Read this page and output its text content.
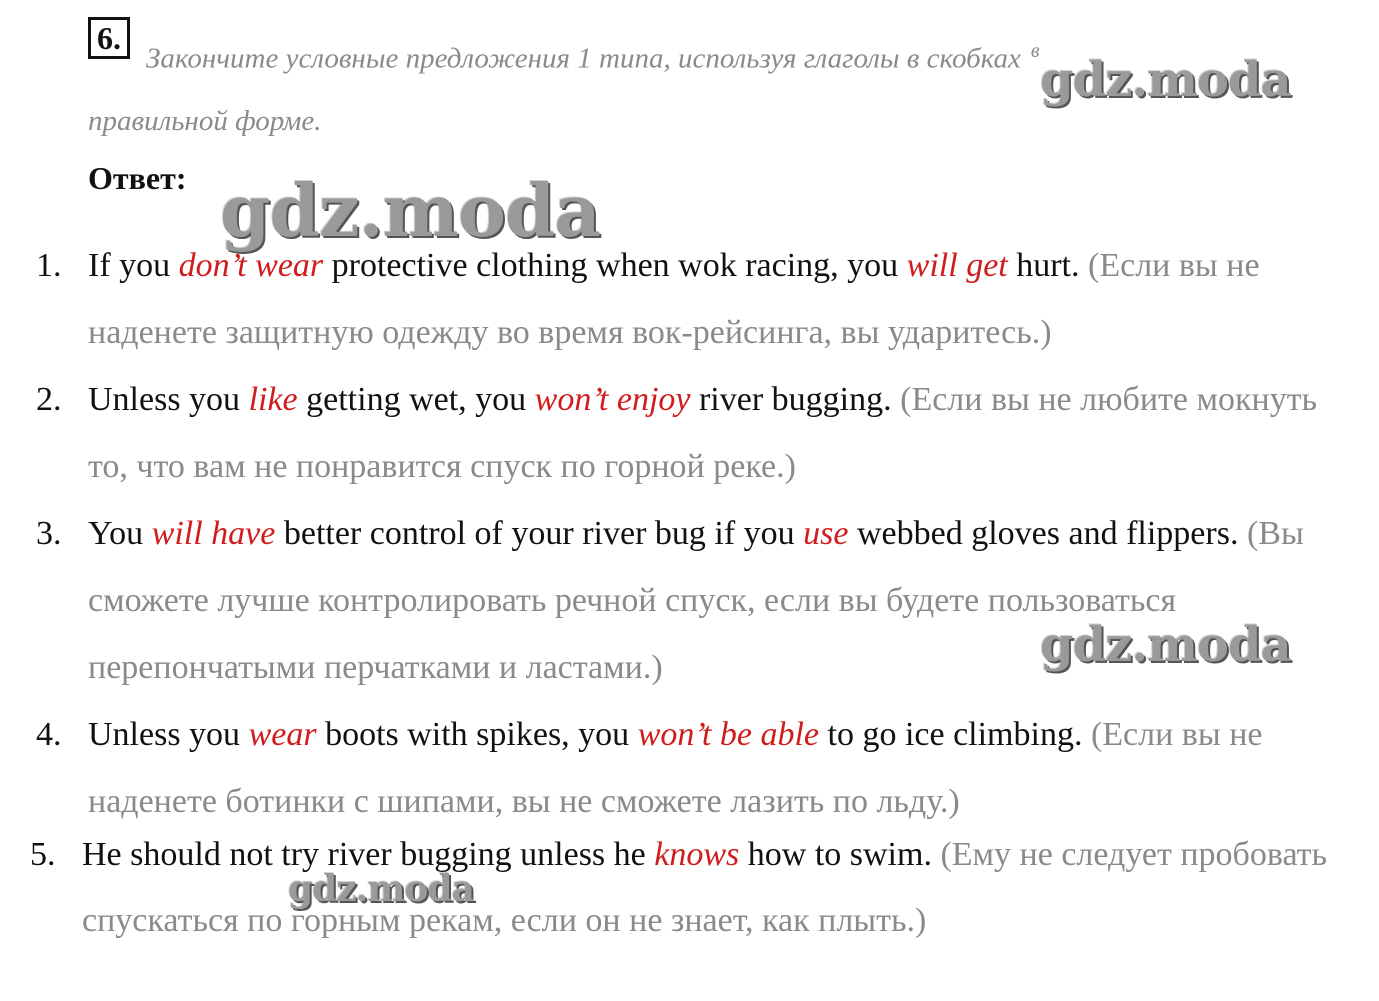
6.
Закончите условные предложения 1 типа, используя глаголы в скобках $^в$
правильной форме.
Ответ:
1. If you don’t wear protective clothing when wok racing, you will get hurt. (Если вы не наденете защитную одежду во время вок-рейсинга, вы ударитесь.)
2. Unless you like getting wet, you won’t enjoy river bugging. (Если вы не любите мокнуть то, что вам не понравится спуск по горной реке.)
3. You will have better control of your river bug if you use webbed gloves and flippers. (Вы сможете лучше контролировать речной спуск, если вы будете пользоваться перепончатыми перчатками и ластами.)
4. Unless you wear boots with spikes, you won’t be able to go ice climbing. (Если вы не наденете ботинки с шипами, вы не сможете лазить по льду.)
5. He should not try river bugging unless he knows how to swim. (Ему не следует пробовать спускаться по горным рекам, если он не знает, как плыть.)
gdz.moda
gdz.moda
gdz.moda
gdz.moda
